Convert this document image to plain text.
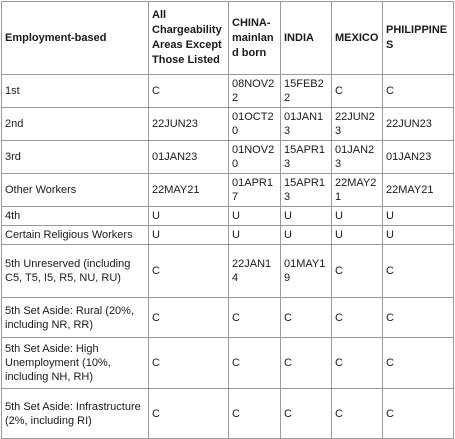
Employment-based	All Chargeability Areas Except Those Listed	CHINA-mainland born	INDIA	MEXICO	PHILIPPINES
1st	C	08NOV22	15FEB22	C	C
2nd	22JUN23	01OCT20	01JAN13	22JUN23	22JUN23
3rd	01JAN23	01NOV20	15APR13	01JAN23	01JAN23
Other Workers	22MAY21	01APR17	15APR13	22MAY21	22MAY21
4th	U	U	U	U	U
Certain Religious Workers	U	U	U	U	U
5th Unreserved (including C5, T5, I5, R5, NU, RU)	C	22JAN14	01MAY19	C	C
5th Set Aside: Rural (20%, including NR, RR)	C	C	C	C	C
5th Set Aside: High Unemployment (10%, including NH, RH)	C	C	C	C	C
5th Set Aside: Infrastructure (2%, including RI)	C	C	C	C	C
